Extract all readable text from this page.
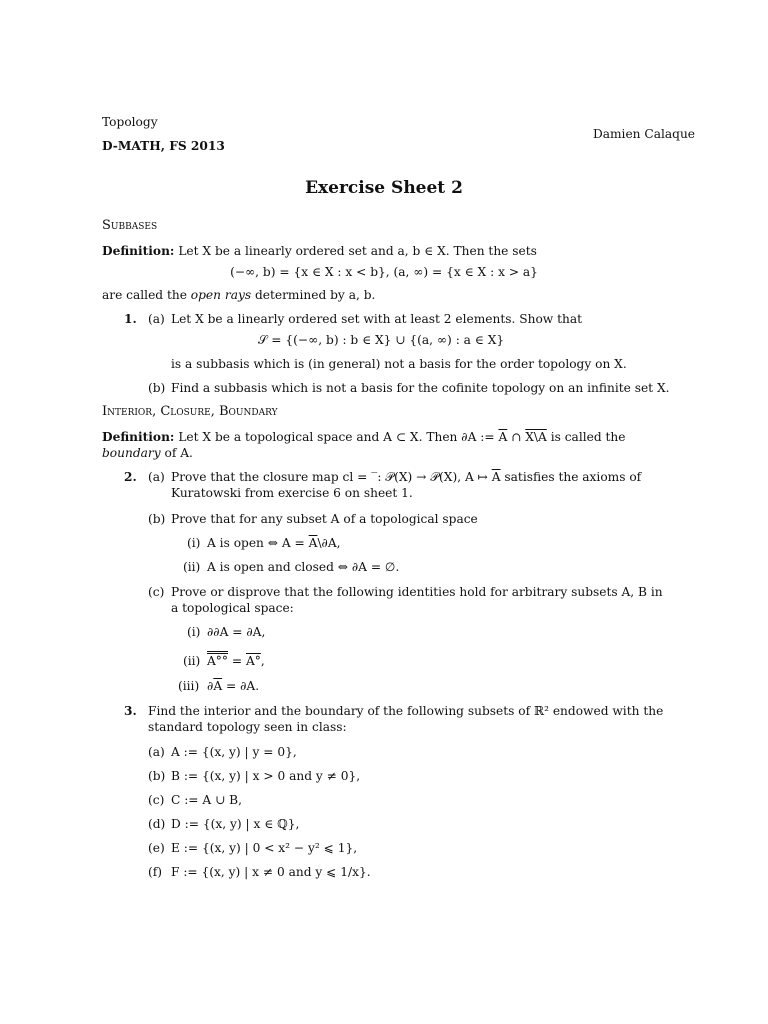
Topology
D-MATH, FS 2013
Damien Calaque
Exercise Sheet 2
Subbases
Definition: Let X be a linearly ordered set and a, b ∈ X. Then the sets
(−∞, b) = {x ∈ X : x < b}, (a, ∞) = {x ∈ X : x > a}
are called the open rays determined by a, b.
1. (a) Let X be a linearly ordered set with at least 2 elements. Show that
𝒮 = {(−∞, b) : b ∈ X} ∪ {(a, ∞) : a ∈ X}
is a subbasis which is (in general) not a basis for the order topology on X.
(b) Find a subbasis which is not a basis for the cofinite topology on an infinite set X.
Interior, Closure, Boundary
Definition: Let X be a topological space and A ⊂ X. Then ∂A := $\overline{A}$ ∩ X\A is called the
boundary of A.
2. (a) Prove that the closure map cl = ‾: 𝒫(X) → 𝒫(X), A ↦ $\overline{A}$ satisfies the axioms of
Kuratowski from exercise 6 on sheet 1.
(b) Prove that for any subset A of a topological space
(i) A is open ⇔ $A = \overline{A}\backslash\partial A$,
(ii) A is open and closed ⇔ ∂A = ∅.
(c) Prove or disprove that the following identities hold for arbitrary subsets A, B in
a topological space:
(i) ∂∂A = ∂A,
(ii) A°° = A°,
(iii) $\partial\overline{A} = \partial A$.
3. Find the interior and the boundary of the following subsets of ℝ² endowed with the
standard topology seen in class:
(a) A := {(x, y) | y = 0},
(b) B := {(x, y) | x > 0 and y ≠ 0},
(c) C := A ∪ B,
(d) D := {(x, y) | x ∈ ℚ},
(e) E := {(x, y) | 0 < x² − y² ⩽ 1},
(f) F := {(x, y) | x ≠ 0 and y ⩽ 1/x}.
